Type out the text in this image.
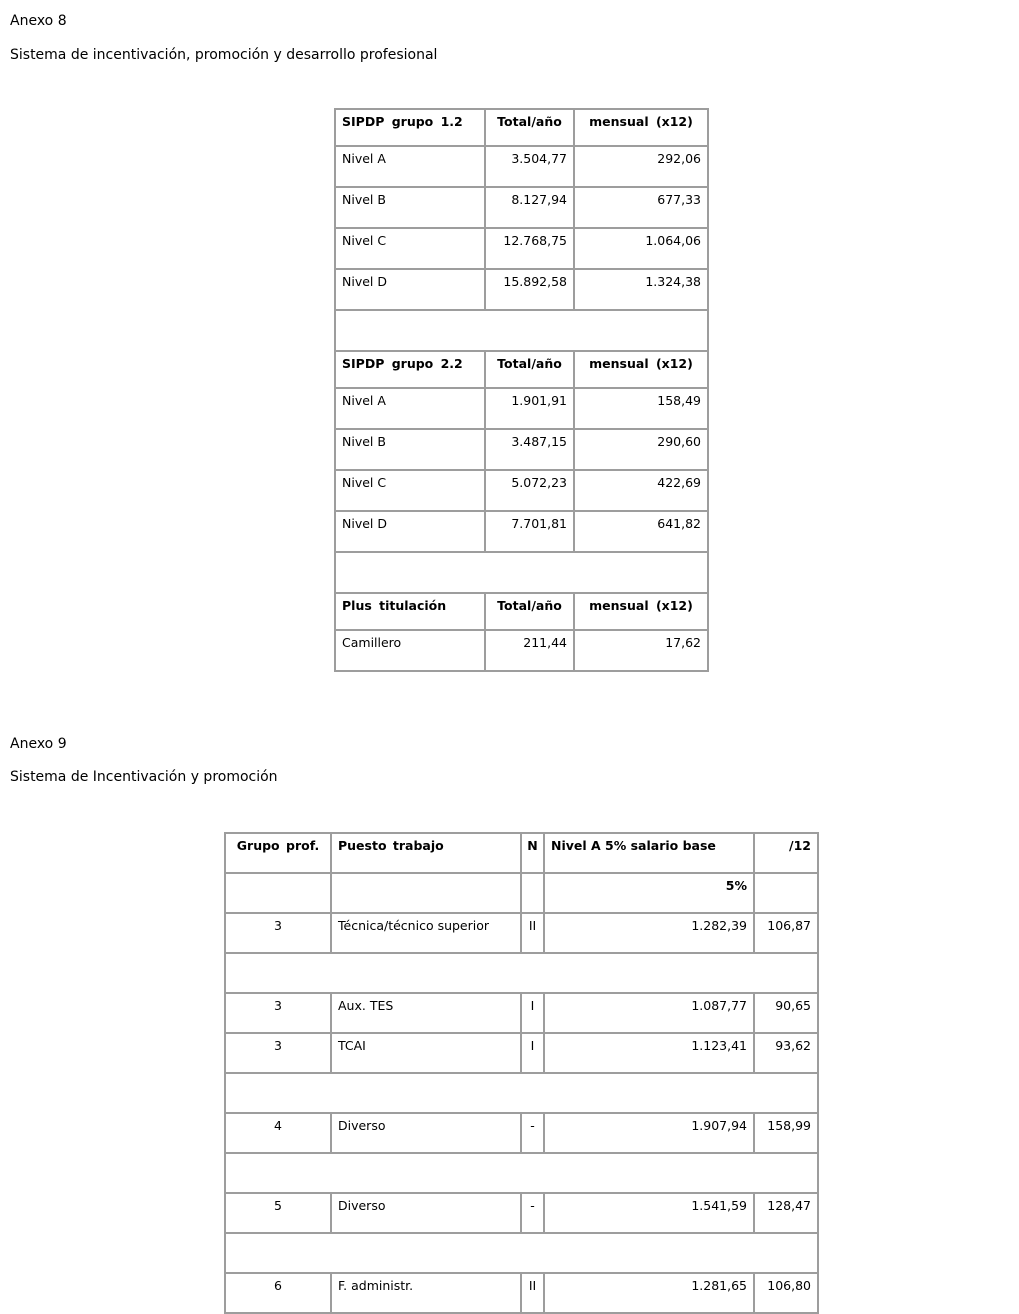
Anexo 8

Sistema de incentivación, promoción y desarrollo profesional

SIPDP grupo 1.2	Total/año	mensual (x12)
Nivel A	3.504,77	292,06
Nivel B	8.127,94	677,33
Nivel C	12.768,75	1.064,06
Nivel D	15.892,58	1.324,38

SIPDP grupo 2.2	Total/año	mensual (x12)
Nivel A	1.901,91	158,49
Nivel B	3.487,15	290,60
Nivel C	5.072,23	422,69
Nivel D	7.701,81	641,82

Plus titulación	Total/año	mensual (x12)
Camillero	211,44	17,62

Anexo 9

Sistema de Incentivación y promoción

Grupo prof.	Puesto trabajo	N	Nivel A 5% salario base	/12
			5%	
3	Técnica/técnico superior	II	1.282,39	106,87

3	Aux. TES	I	1.087,77	90,65
3	TCAI	I	1.123,41	93,62

4	Diverso	-	1.907,94	158,99

5	Diverso	-	1.541,59	128,47

6	F. administr.	II	1.281,65	106,80
